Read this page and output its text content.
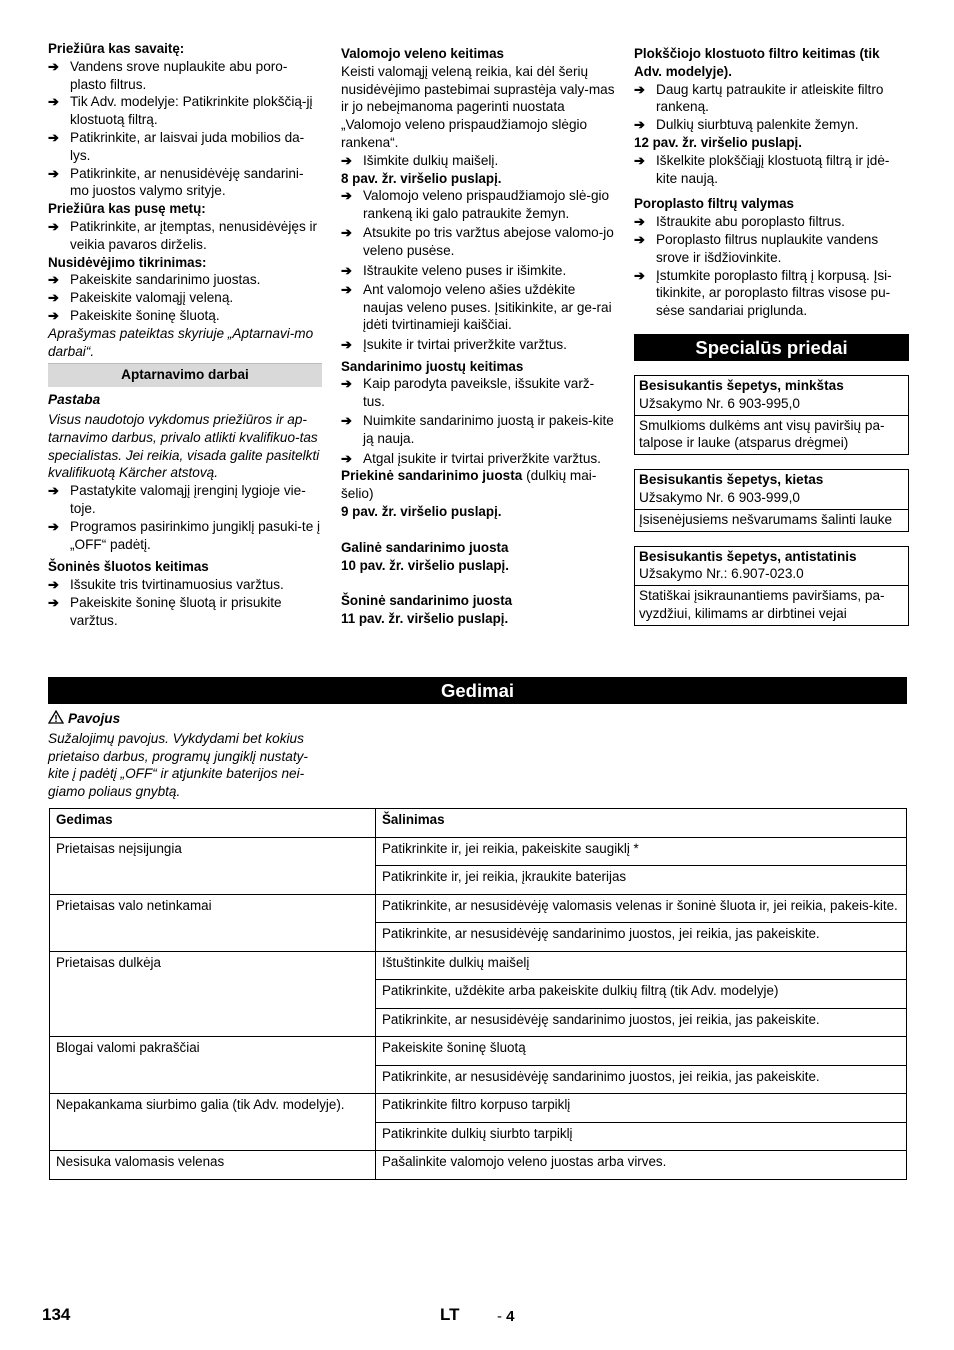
Priežiūra kas savaitę:
➔ Vandens srove nuplaukite abu poro-plasto filtrus.
➔ Tik Adv. modelyje: Patikrinkite plokščią-jį klostuotą filtrą.
➔ Patikrinkite, ar laisvai juda mobilios da-lys.
➔ Patikrinkite, ar nenusidėvėję sandarini-mo juostos valymo srityje.
Priežiūra kas pusę metų:
➔ Patikrinkite, ar įtemptas, nenusidėvėjęs ir veikia pavaros dirželis.
Nusidėvėjimo tikrinimas:
➔ Pakeiskite sandarinimo juostas.
➔ Pakeiskite valomąjį veleną.
➔ Pakeiskite šoninę šluotą.
Aprašymas pateiktas skyriuje „Aptarnavi-mo darbai“.
Aptarnavimo darbai
Pastaba
Visus naudotojo vykdomus priežiūros ir ap-tarnavimo darbus, privalo atlikti kvalifikuo-tas specialistas. Jei reikia, visada galite pasitelkti kvalifikuotą Kärcher atstovą.
➔ Pastatykite valomąjį įrenginį lygioje vie-toje.
➔ Programos pasirinkimo jungiklį pasuki-te į „OFF“ padėtį.
Šoninės šluotos keitimas
➔ Išsukite tris tvirtinamuosius varžtus.
➔ Pakeiskite šoninę šluotą ir prisukite varžtus.
Valomojo veleno keitimas
Keisti valomąjį veleną reikia, kai dėl šerių nusidėvėjimo pastebimai suprastėja valy-mas ir jo nebeįmanoma pagerinti nuostata „Valomojo veleno prispaudžiamojo slėgio rankena“.
➔ Išimkite dulkių maišelį.
8 pav. žr. viršelio puslapį.
➔ Valomojo veleno prispaudžiamojo slė-gio rankeną iki galo patraukite žemyn.
➔ Atsukite po tris varžtus abejose valomo-jo veleno pusėse.
➔ Ištraukite veleno puses ir išimkite.
➔ Ant valomojo veleno ašies uždėkite naujas veleno puses. Įsitikinkite, ar ge-rai įdėti tvirtinamieji kaiščiai.
➔ Įsukite ir tvirtai priveržkite varžtus.
Sandarinimo juostų keitimas
➔ Kaip parodyta paveiksle, išsukite varž-tus.
➔ Nuimkite sandarinimo juostą ir pakeis-kite ją nauja.
➔ Atgal įsukite ir tvirtai priveržkite varžtus.
Priekinė sandarinimo juosta (dulkių mai-šelio)
9 pav. žr. viršelio puslapį.
Galinė sandarinimo juosta
10 pav. žr. viršelio puslapį.
Šoninė sandarinimo juosta
11 pav. žr. viršelio puslapį.
Plokščiojo klostuoto filtro keitimas (tik Adv. modelyje).
➔ Daug kartų patraukite ir atleiskite filtro rankeną.
➔ Dulkių siurbtuvą palenkite žemyn.
12 pav. žr. viršelio puslapį.
➔ Iškelkite plokščiąjį klostuotą filtrą ir įdė-kite naują.
Poroplasto filtrų valymas
➔ Ištraukite abu poroplasto filtrus.
➔ Poroplasto filtrus nuplaukite vandens srove ir išdžiovinkite.
➔ Įstumkite poroplasto filtrą į korpusą. Įsi-tikinkite, ar poroplasto filtras visose pu-sėse sandariai priglunda.
Specialūs priedai
Besisukantis šepetys, minkštas
Užsakymo Nr. 6 903-995,0
Smulkioms dulkėms ant visų paviršių pa-talpose ir lauke (atsparus drėgmei)
Besisukantis šepetys, kietas
Užsakymo Nr. 6 903-999,0
Įsisenėjusiems nešvarumams šalinti lauke
Besisukantis šepetys, antistatinis
Užsakymo Nr.: 6.907-023.0
Statiškai įsikraunantiems paviršiams, pa-vyzdžiui, kilimams ar dirbtinei vejai
Gedimai
Pavojus
Sužalojimų pavojus. Vykdydami bet kokius prietaiso darbus, programų jungiklį nustaty-kite į padėtį „OFF“ ir atjunkite baterijos nei-giamo poliaus gnybtą.
Gedimas	Šalinimas
Prietaisas neįsijungia	Patikrinkite ir, jei reikia, pakeiskite saugiklį *
	Patikrinkite ir, jei reikia, įkraukite baterijas
Prietaisas valo netinkamai	Patikrinkite, ar nesusidėvėję valomasis velenas ir šoninė šluota ir, jei reikia, pakeis-kite.
	Patikrinkite, ar nesusidėvėję sandarinimo juostos, jei reikia, jas pakeiskite.
Prietaisas dulkėja	Ištuštinkite dulkių maišelį
	Patikrinkite, uždėkite arba pakeiskite dulkių filtrą (tik Adv. modelyje)
	Patikrinkite, ar nesusidėvėję sandarinimo juostos, jei reikia, jas pakeiskite.
Blogai valomi pakraščiai	Pakeiskite šoninę šluotą
	Patikrinkite, ar nesusidėvėję sandarinimo juostos, jei reikia, jas pakeiskite.
Nepakankama siurbimo galia (tik Adv. modelyje).	Patikrinkite filtro korpuso tarpiklį
	Patikrinkite dulkių siurbto tarpiklį
Nesisuka valomasis velenas	Pašalinkite valomojo veleno juostas arba virves.
134	LT - 4
